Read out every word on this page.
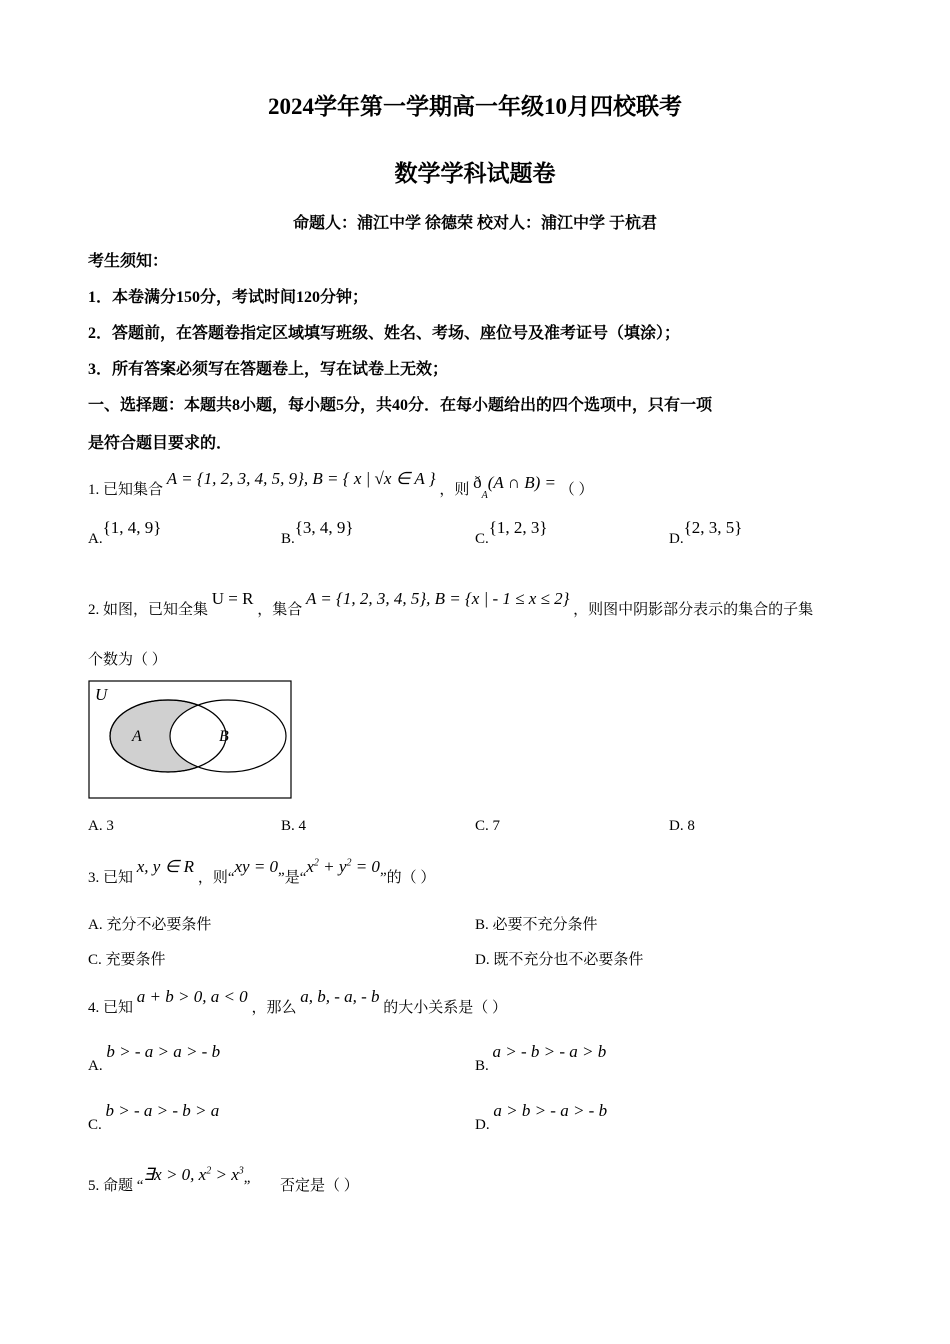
2024学年第一学期高一年级10月四校联考
数学学科试题卷
命题人：浦江中学 徐德荣 校对人：浦江中学 于杭君
考生须知：
1．本卷满分150分，考试时间120分钟；
2．答题前，在答题卷指定区域填写班级、姓名、考场、座位号及准考证号（填涂）；
3．所有答案必须写在答题卷上，写在试卷上无效；
一、选择题：本题共8小题，每小题5分，共40分．在每小题给出的四个选项中，只有一项
是符合题目要求的．
1. 已知集合 A = {1, 2, 3, 4, 5, 9}, B = { x | √x ∈ A } ，则 $ð_A(A$ ∩ B) = （ ）
A.{1, 4, 9}
B.{3, 4, 9}
C.{1, 2, 3}
D.{2, 3, 5}
2. 如图，已知全集 U = R ，集合 A = {1, 2, 3, 4, 5}, B = {x | - 1 ≤ x ≤ 2} ，则图中阴影部分表示的集合的子集
个数为（ ）
U
A	B
A. 3	B. 4	C. 7	D. 8
3. 已知 x, y ∈ R ，则“xy = 0”是“$x^2 + y^2 = 0$”的（ ）
A. 充分不必要条件	B. 必要不充分条件
C. 充要条件	D. 既不充分也不必要条件
4. 已知 a + b > 0, a < 0 ，那么 a, b, - a, - b 的大小关系是（ ）
A. b > - a > a > - b
B. a > - b > - a > b
C. b > - a > - b > a
D. a > b > - a > - b
5. 命题 “∃x > 0, $x^2 > x^3$” 否定是（ ）
